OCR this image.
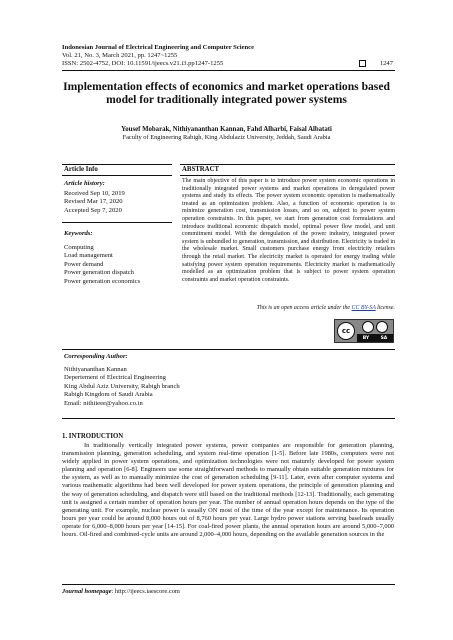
Indonesian Journal of Electrical Engineering and Computer Science
Vol. 21, No. 3, March 2021, pp. 1247~1255
ISSN: 2502-4752, DOI: 10.11591/ijeecs.v21.i3.pp1247-1255	1247
Implementation effects of economics and market operations based model for traditionally integrated power systems
Yousef Mobarak, Nithiyananthan Kannan, Fahd Alharbi, Faisal Albatati
Faculty of Engineering Rabigh, King Abdulaziz University, Jeddah, Saudi Arabia
Article Info
Article history:
Received Sep 10, 2019
Revised Mar 17, 2020
Accepted Sep 7, 2020
Keywords:
Computing
Load management
Power demand
Power generation dispatch
Power generation economics
ABSTRACT
The main objective of this paper is to introduce power system economic operations in traditionally integrated power systems and market operations in deregulated power systems and study its effects. The power system economic operation is mathematically treated as an optimization problem. Also, a function of economic operation is to minimize generation cost, transmission losses, and so on, subject to power system operation constraints. In this paper, we start from generation cost formulations and introduce traditional economic dispatch model, optimal power flow model, and unit commitment model. With the deregulation of the power industry, integrated power system is unbundled to generation, transmission, and distribution. Electricity is traded in the wholesale market. Small customers purchase energy from electricity retailers through the retail market. The electricity market is operated for energy trading while satisfying power system operation requirements. Electricity market is mathematically modelled as an optimization problem that is subject to power system operation constraints and market operation constraints.
This is an open access article under the CC BY-SA license.
cc
BY	SA
Corresponding Author:
Nithiyananthan Kannan
Depertement of Electrical Engineering
King Abdul Aziz University, Rabigh branch
Rabigh Kingdom of Saudi Arabia
Email: nithiieee@yahoo.co.in
1. INTRODUCTION
In traditionally vertically integrated power systems, power companies are responsible for generation planning, transmission planning, generation scheduling, and system real-time operation [1-5]. Before late 1980s, computers were not widely applied in power system operations, and optimization technologies were not maturely developed for power system planning and operation [6-8]. Engineers use some straightforward methods to manually obtain suitable generation mixtures for the system, as well as to manually minimize the cost of generation scheduling [9-11]. Later, even after computer systems and various mathematic algorithms had been well developed for power system operations, the principle of generation planning and the way of generation scheduling, and dispatch were still based on the traditional methods [12-13]. Traditionally, each generating unit is assigned a certain number of operation hours per year. The number of annual operation hours depends on the type of the generating unit. For example, nuclear power is usually ON most of the time of the year except for maintenance. Its operation hours per year could be around 8,000 hours out of 8,760 hours per year. Large hydro power stations serving baseloads usually operate for 6,000–8,000 hours per year [14-15]. For coal-fired power plants, the annual operation hours are around 5,000–7,000 hours. Oil-fired and combined-cycle units are around 2,000–4,000 hours, depending on the available generation sources in the
Journal homepage: http://ijeecs.iaescore.com
